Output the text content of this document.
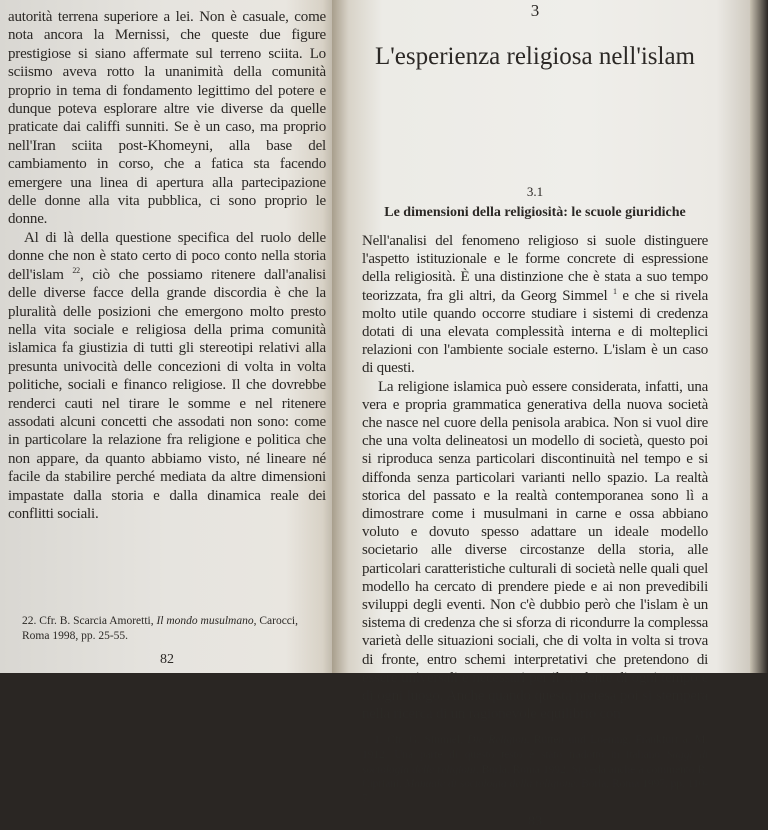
autorità terrena superiore a lei. Non è casuale, come nota ancora la Mernissi, che queste due figure prestigiose si siano affermate sul terreno sciita. Lo sciismo aveva rotto la unanimità della comunità proprio in tema di fondamento legittimo del potere e dunque poteva esplorare altre vie diverse da quelle praticate dai califfi sunniti. Se è un caso, ma proprio nell'Iran sciita post-Khomeyni, alla base del cambiamento in corso, che a fatica sta facendo emergere una linea di apertura alla partecipazione delle donne alla vita pubblica, ci sono proprio le donne.

Al di là della questione specifica del ruolo delle donne che non è stato certo di poco conto nella storia dell'islam $^{22}$, ciò che possiamo ritenere dall'analisi delle diverse facce della grande discordia è che la pluralità delle posizioni che emergono molto presto nella vita sociale e religiosa della prima comunità islamica fa giustizia di tutti gli stereotipi relativi alla presunta univocità delle concezioni di volta in volta politiche, sociali e financo religiose. Il che dovrebbe renderci cauti nel tirare le somme e nel ritenere assodati alcuni concetti che assodati non sono: come in particolare la relazione fra religione e politica che non appare, da quanto abbiamo visto, né lineare né facile da stabilire perché mediata da altre dimensioni impastate dalla storia e dalla dinamica reale dei conflitti sociali.

22. Cfr. B. Scarcia Amoretti, Il mondo musulmano, Carocci, Roma 1998, pp. 25-55.
82
3
L'esperienza religiosa nell'islam
3.1
Le dimensioni della religiosità: le scuole giuridiche

Nell'analisi del fenomeno religioso si suole distinguere l'aspetto istituzionale e le forme concrete di espressione della religiosità. È una distinzione che è stata a suo tempo teorizzata, fra gli altri, da Georg Simmel $^1$ e che si rivela molto utile quando occorre studiare i sistemi di credenza dotati di una elevata complessità interna e di molteplici relazioni con l'ambiente sociale esterno. L'islam è un caso di questi.

La religione islamica può essere considerata, infatti, una vera e propria grammatica generativa della nuova società che nasce nel cuore della penisola arabica. Non si vuol dire che una volta delineatosi un modello di società, questo poi si riproduca senza particolari discontinuità nel tempo e si diffonda senza particolari varianti nello spazio. La realtà storica del passato e la realtà contemporanea sono lì a dimostrare come i musulmani in carne e ossa abbiano voluto e dovuto spesso adattare un ideale modello societario alle diverse circostanze della storia, alle particolari caratteristiche culturali di società nelle quali quel modello ha cercato di prendere piede e ai non prevedibili sviluppi degli eventi. Non c'è dubbio però che l'islam è un sistema di credenza che si sforza di ricondurre la complessa varietà delle situazioni sociali, che di volta in volta si trova di fronte, entro schemi interpretativi che pretendono di essere universali e necessari per il credente di ogni tempo e di ogni luogo. Anche quando questa pretesa poi si stempera nella ricerca di un ragionevole equilibrio con

1. Cfr. G. Simmel, Die Religion, Rütten und Loening, Frankfurt a. M. 1912. Una parte di questo testo è stato tradotto in italiano Saggi di sociologia delle religioni, Borla, Roma 1992. Si veda anche a commento R. Cipriani, Manuale di sociologia della religione, Borla, Roma 1997, pp. 110-7.
83
